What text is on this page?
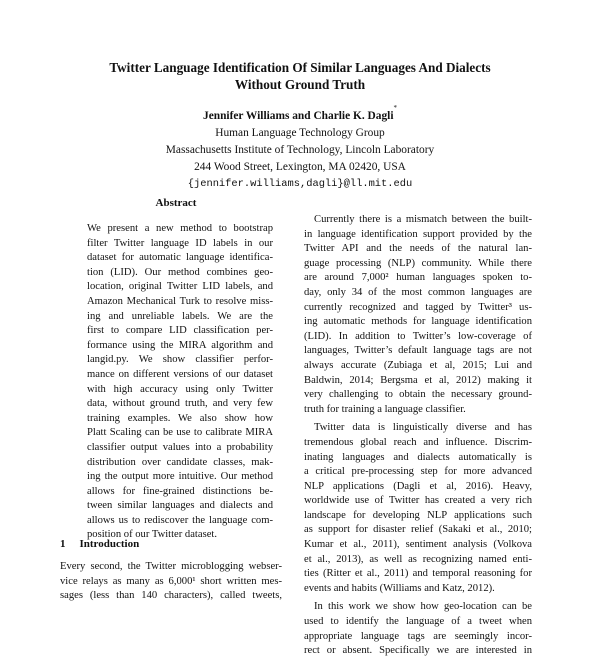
Twitter Language Identification Of Similar Languages And Dialects
Without Ground Truth
Jennifer Williams and Charlie K. Dagli*
Human Language Technology Group
Massachusetts Institute of Technology, Lincoln Laboratory
244 Wood Street, Lexington, MA 02420, USA
{jennifer.williams,dagli}@ll.mit.edu
Abstract
We present a new method to bootstrap
filter Twitter language ID labels in our
dataset for automatic language identifica-
tion (LID). Our method combines geo-
location, original Twitter LID labels, and
Amazon Mechanical Turk to resolve miss-
ing and unreliable labels. We are the
first to compare LID classification per-
formance using the MIRA algorithm and
langid.py. We show classifier perfor-
mance on different versions of our dataset
with high accuracy using only Twitter
data, without ground truth, and very few
training examples. We also show how
Platt Scaling can be use to calibrate MIRA
classifier output values into a probability
distribution over candidate classes, mak-
ing the output more intuitive. Our method
allows for fine-grained distinctions be-
tween similar languages and dialects and
allows us to rediscover the language com-
position of our Twitter dataset.
1 Introduction
Every second, the Twitter microblogging webser-
vice relays as many as 6,000¹ short written mes-
sages (less than 140 characters), called tweets,
Currently there is a mismatch between the built-
in language identification support provided by the
Twitter API and the needs of the natural lan-
guage processing (NLP) community. While there
are around 7,000² human languages spoken to-
day, only 34 of the most common languages are
currently recognized and tagged by Twitter³ us-
ing automatic methods for language identification
(LID). In addition to Twitter’s low-coverage of
languages, Twitter’s default language tags are not
always accurate (Zubiaga et al, 2015; Lui and
Baldwin, 2014; Bergsma et al, 2012) making it
very challenging to obtain the necessary ground-
truth for training a language classifier.
Twitter data is linguistically diverse and has
tremendous global reach and influence. Discrim-
inating languages and dialects automatically is
a critical pre-processing step for more advanced
NLP applications (Dagli et al, 2016). Heavy,
worldwide use of Twitter has created a very rich
landscape for developing NLP applications such
as support for disaster relief (Sakaki et al., 2010;
Kumar et al., 2011), sentiment analysis (Volkova
et al., 2013), as well as recognizing named enti-
ties (Ritter et al., 2011) and temporal reasoning for
events and habits (Williams and Katz, 2012).
In this work we show how geo-location can be
used to identify the language of a tweet when
appropriate language tags are seemingly incor-
rect or absent. Specifically we are interested in
